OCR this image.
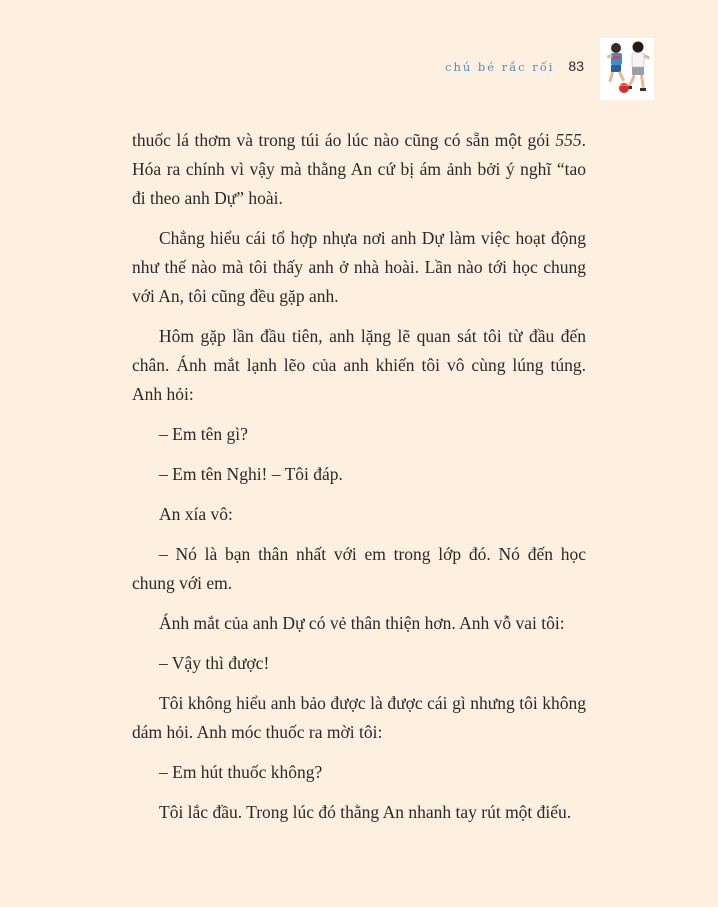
chú bé rắc rối 83

thuốc lá thơm và trong túi áo lúc nào cũng có sẵn một gói 555. Hóa ra chính vì vậy mà thằng An cứ bị ám ảnh bởi ý nghĩ “tao đi theo anh Dự” hoài.

Chẳng hiểu cái tổ hợp nhựa nơi anh Dự làm việc hoạt động như thế nào mà tôi thấy anh ở nhà hoài. Lần nào tới học chung với An, tôi cũng đều gặp anh.

Hôm gặp lần đầu tiên, anh lặng lẽ quan sát tôi từ đầu đến chân. Ánh mắt lạnh lẽo của anh khiến tôi vô cùng lúng túng. Anh hỏi:

– Em tên gì?

– Em tên Nghi! – Tôi đáp.

An xía vô:

– Nó là bạn thân nhất với em trong lớp đó. Nó đến học chung với em.

Ánh mắt của anh Dự có vẻ thân thiện hơn. Anh vỗ vai tôi:

– Vậy thì được!

Tôi không hiểu anh bảo được là được cái gì nhưng tôi không dám hỏi. Anh móc thuốc ra mời tôi:

– Em hút thuốc không?

Tôi lắc đầu. Trong lúc đó thằng An nhanh tay rút một điếu.
